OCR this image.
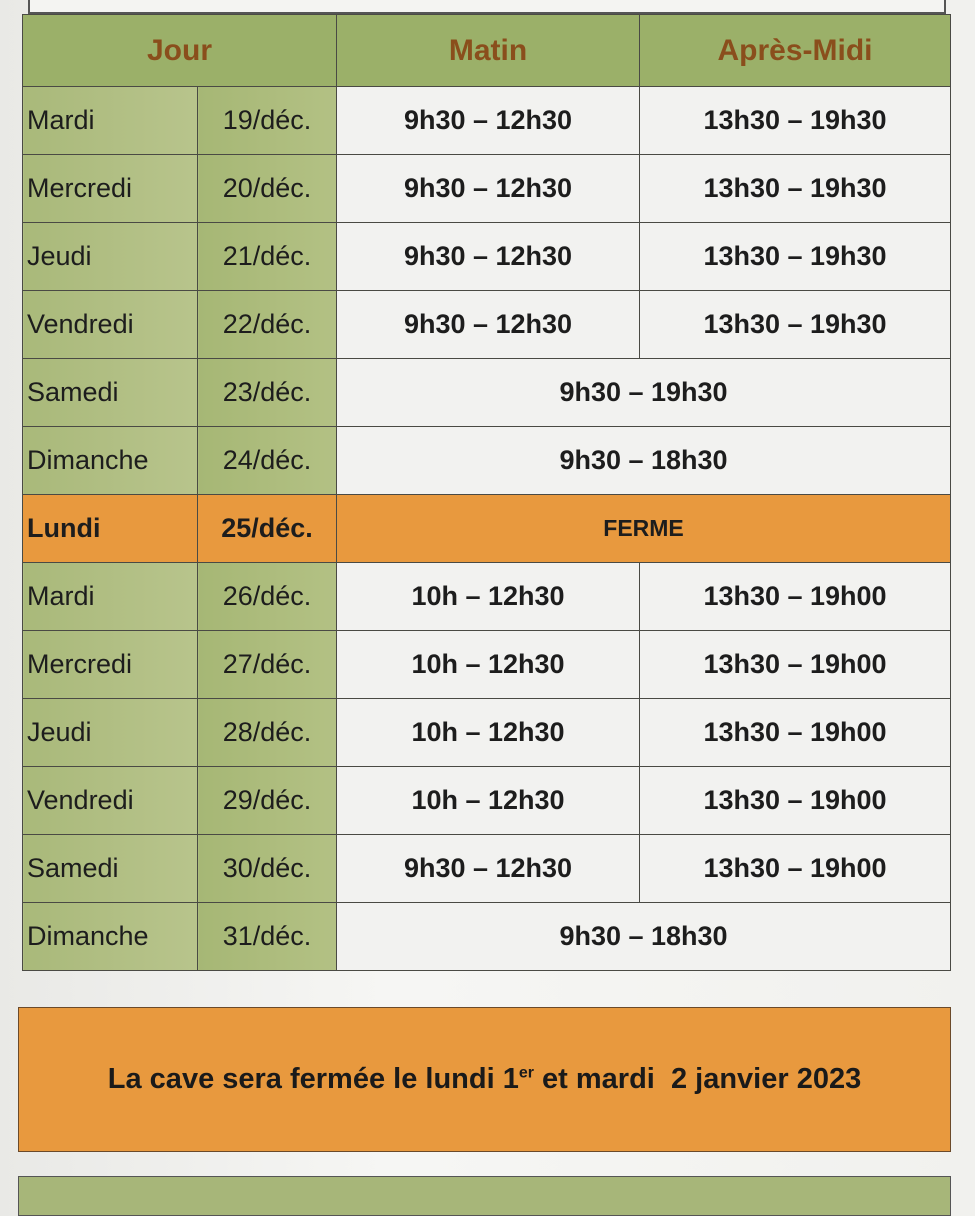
Jour		Matin	Après-Midi
Mardi	19/déc.	9h30 – 12h30	13h30 – 19h30
Mercredi	20/déc.	9h30 – 12h30	13h30 – 19h30
Jeudi	21/déc.	9h30 – 12h30	13h30 – 19h30
Vendredi	22/déc.	9h30 – 12h30	13h30 – 19h30
Samedi	23/déc.	9h30 – 19h30	
Dimanche	24/déc.	9h30 – 18h30	
Lundi	25/déc.	FERME	
Mardi	26/déc.	10h – 12h30	13h30 – 19h00
Mercredi	27/déc.	10h – 12h30	13h30 – 19h00
Jeudi	28/déc.	10h – 12h30	13h30 – 19h00
Vendredi	29/déc.	10h – 12h30	13h30 – 19h00
Samedi	30/déc.	9h30 – 12h30	13h30 – 19h00
Dimanche	31/déc.	9h30 – 18h30	
La cave sera fermée le lundi 1er et mardi  2 janvier 2023
